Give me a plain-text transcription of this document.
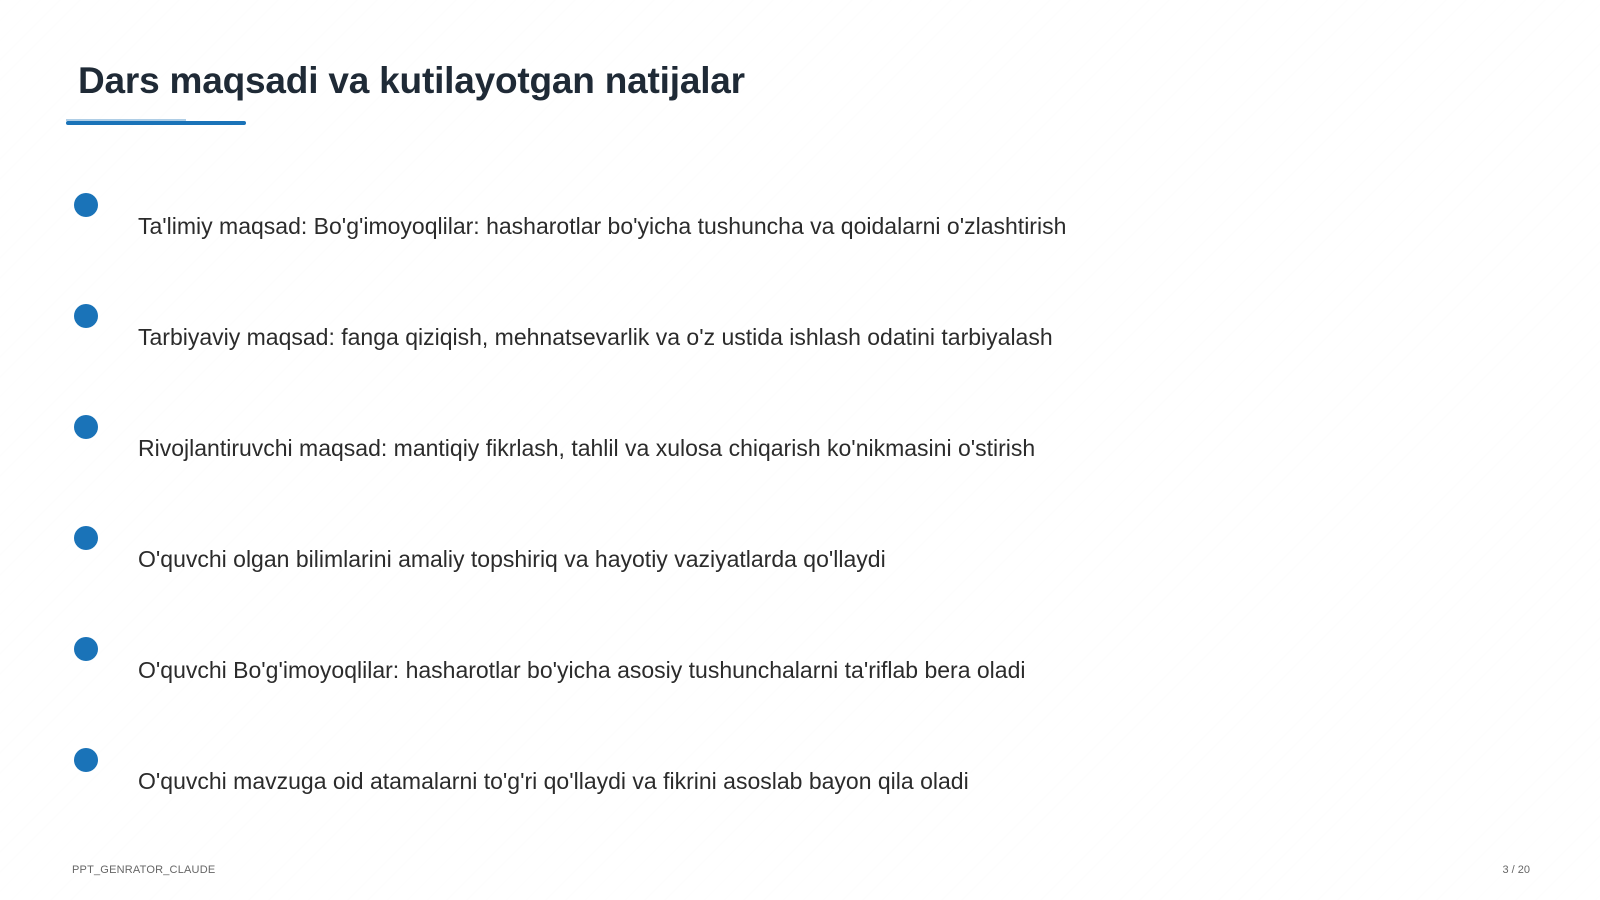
Dars maqsadi va kutilayotgan natijalar
Ta'limiy maqsad: Bo'g'imoyoqlilar: hasharotlar bo'yicha tushuncha va qoidalarni o'zlashtirish
Tarbiyaviy maqsad: fanga qiziqish, mehnatsevarlik va o'z ustida ishlash odatini tarbiyalash
Rivojlantiruvchi maqsad: mantiqiy fikrlash, tahlil va xulosa chiqarish ko'nikmasini o'stirish
O'quvchi olgan bilimlarini amaliy topshiriq va hayotiy vaziyatlarda qo'llaydi
O'quvchi Bo'g'imoyoqlilar: hasharotlar bo'yicha asosiy tushunchalarni ta'riflab bera oladi
O'quvchi mavzuga oid atamalarni to'g'ri qo'llaydi va fikrini asoslab bayon qila oladi
PPT_GENRATOR_CLAUDE	3 / 20
